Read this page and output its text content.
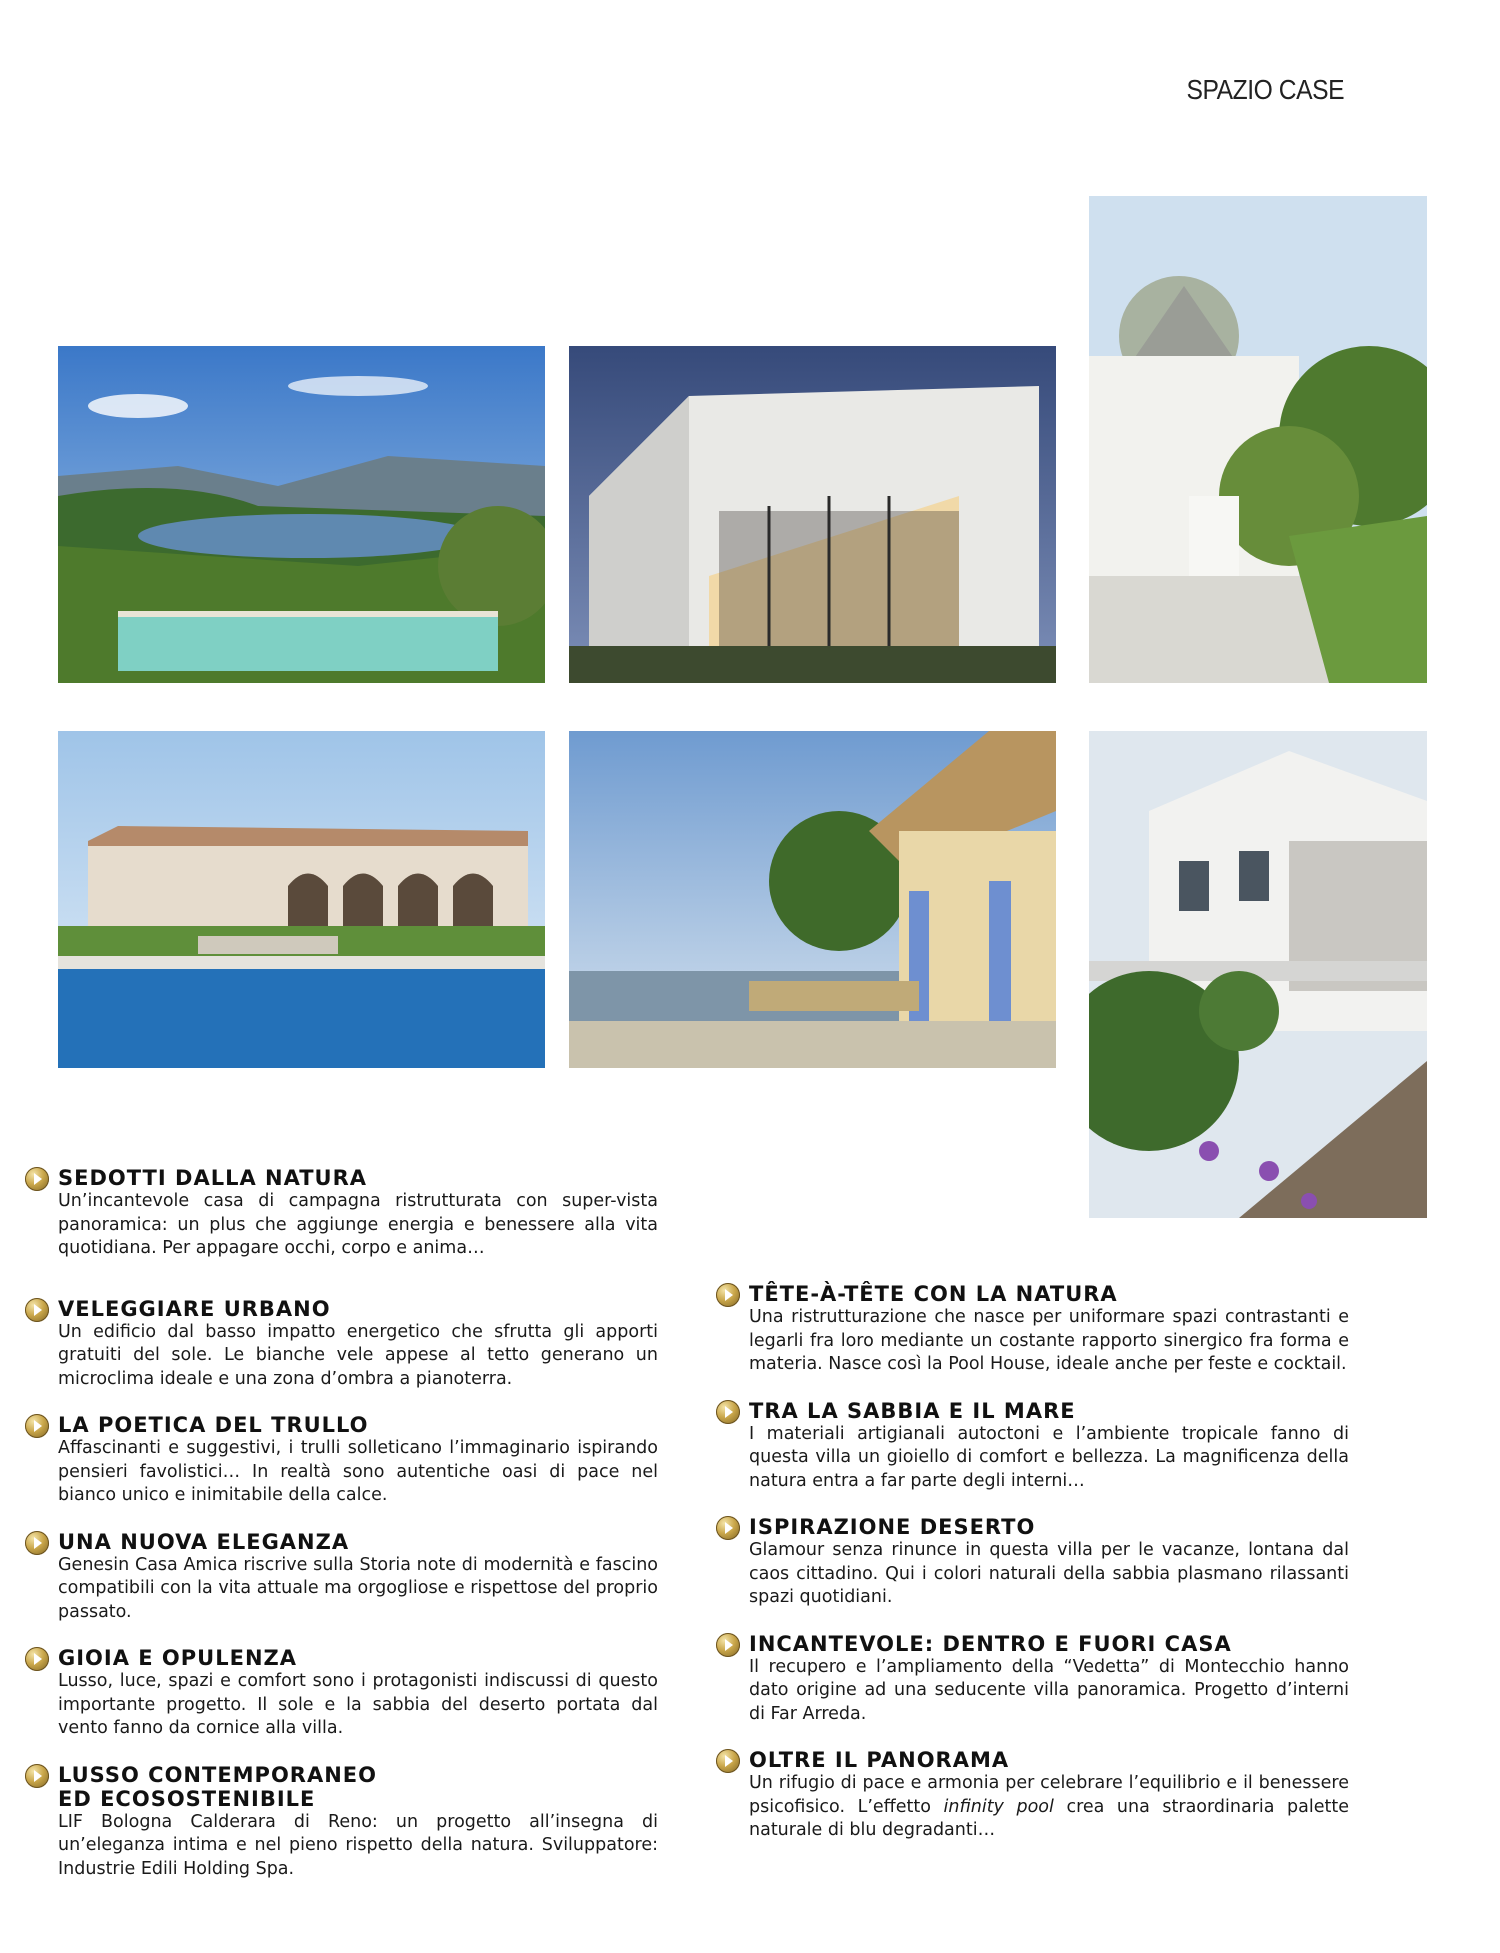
SPAZIO CASE
SEDOTTI DALLA NATURA

Un’incantevole casa di campagna ristrutturata con super-vista panoramica: un plus che aggiunge energia e benessere alla vita quotidiana. Per appagare occhi, corpo e anima…

VELEGGIARE URBANO

Un edificio dal basso impatto energetico che sfrutta gli apporti gratuiti del sole. Le bianche vele appese al tetto generano un microclima ideale e una zona d’ombra a pianoterra.

LA POETICA DEL TRULLO

Affascinanti e suggestivi, i trulli solleticano l’immaginario ispirando pensieri favolistici… In realtà sono autentiche oasi di pace nel bianco unico e inimitabile della calce.

UNA NUOVA ELEGANZA

Genesin Casa Amica riscrive sulla Storia note di modernità e fascino compatibili con la vita attuale ma orgogliose e rispettose del proprio passato.

GIOIA E OPULENZA

Lusso, luce, spazi e comfort sono i protagonisti indiscussi di questo importante progetto. Il sole e la sabbia del deserto portata dal vento fanno da cornice alla villa.

LUSSO CONTEMPORANEO
ED ECOSOSTENIBILE

LIF Bologna Calderara di Reno: un progetto all’insegna di un’eleganza intima e nel pieno rispetto della natura. Sviluppatore: Industrie Edili Holding Spa.

TÊTE-À-TÊTE CON LA NATURA

Una ristrutturazione che nasce per uniformare spazi contrastanti e legarli fra loro mediante un costante rapporto sinergico fra forma e materia. Nasce così la Pool House, ideale anche per feste e cocktail.

TRA LA SABBIA E IL MARE

I materiali artigianali autoctoni e l’ambiente tropicale fanno di questa villa un gioiello di comfort e bellezza. La magnificenza della natura entra a far parte degli interni…

ISPIRAZIONE DESERTO

Glamour senza rinunce in questa villa per le vacanze, lontana dal caos cittadino. Qui i colori naturali della sabbia plasmano rilassanti spazi quotidiani.

INCANTEVOLE: DENTRO E FUORI CASA

Il recupero e l’ampliamento della “Vedetta” di Montecchio hanno dato origine ad una seducente villa panoramica. Progetto d’interni di Far Arreda.

OLTRE IL PANORAMA

Un rifugio di pace e armonia per celebrare l’equilibrio e il benessere psicofisico. L’effetto infinity pool crea una straordinaria palette naturale di blu degradanti…
